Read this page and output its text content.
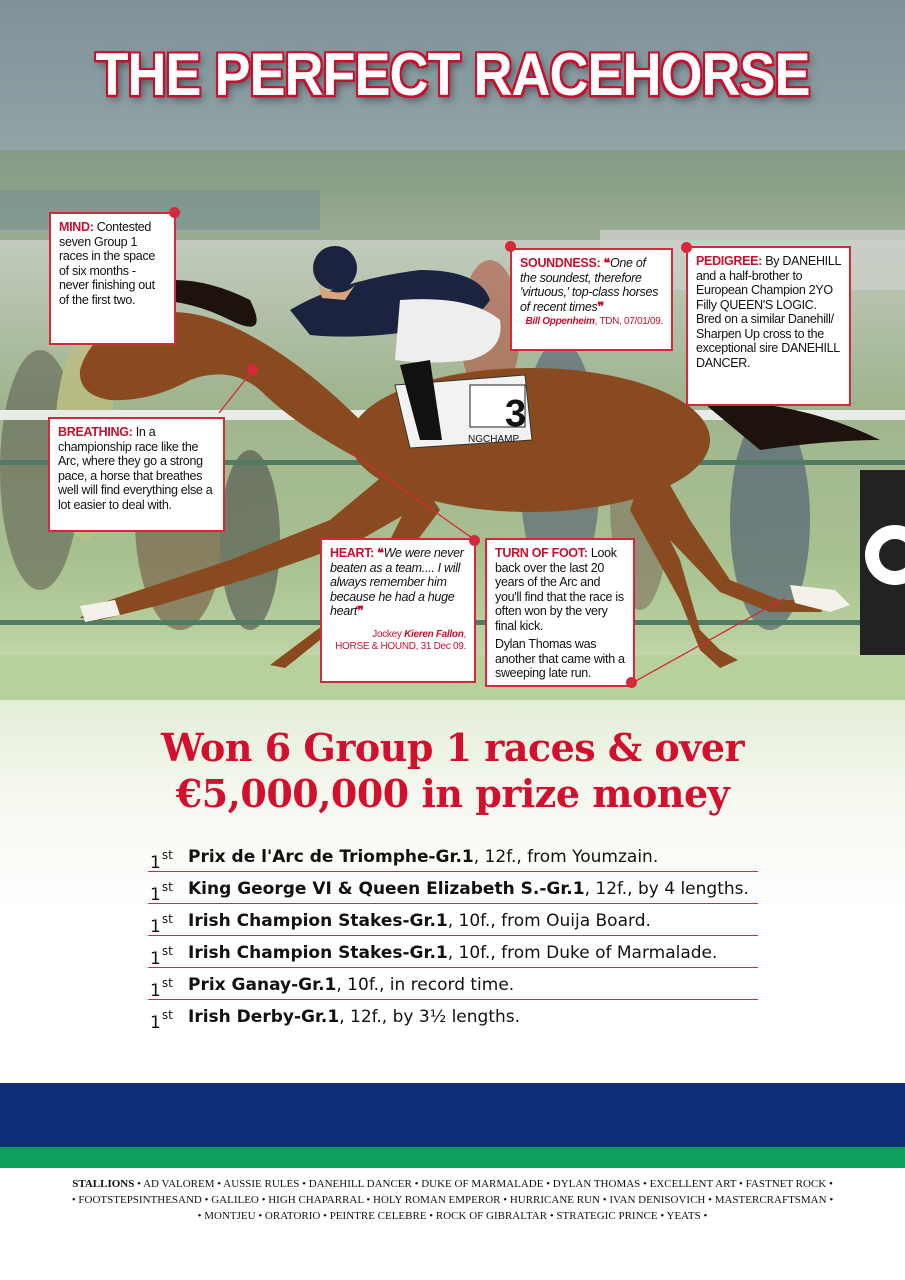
3
NGCHAMP
THE PERFECT RACEHORSE
MIND: Contested seven Group 1 races in the space of six months - never finishing out of the first two.
SOUNDNESS: ❝One of the soundest, therefore 'virtuous,' top-class horses of recent times❞
Bill Oppenheim, TDN, 07/01/09.
PEDIGREE: By DANEHILL and a half-brother to European Champion 2YO Filly QUEEN'S LOGIC.
Bred on a similar Danehill/ Sharpen Up cross to the exceptional sire DANEHILL DANCER.
BREATHING: In a championship race like the Arc, where they go a strong pace, a horse that breathes well will find everything else a lot easier to deal with.
HEART: ❝We were never beaten as a team.... I will always remember him because he had a huge heart❞
Jockey Kieren Fallon,
HORSE & HOUND, 31 Dec 09.
TURN OF FOOT: Look back over the last 20 years of the Arc and you'll find that the race is often won by the very final kick.
Dylan Thomas was another that came with a sweeping late run.
Won 6 Group 1 races & over
€5,000,000 in prize money
1st Prix de l'Arc de Triomphe-Gr.1, 12f., from Youmzain.
1st King George VI & Queen Elizabeth S.-Gr.1, 12f., by 4 lengths.
1st Irish Champion Stakes-Gr.1, 10f., from Ouija Board.
1st Irish Champion Stakes-Gr.1, 10f., from Duke of Marmalade.
1st Prix Ganay-Gr.1, 10f., in record time.
1st Irish Derby-Gr.1, 12f., by 3½ lengths.
STALLIONS • AD VALOREM • AUSSIE RULES • DANEHILL DANCER • DUKE OF MARMALADE • DYLAN THOMAS • EXCELLENT ART • FASTNET ROCK •
• FOOTSTEPSINTHESAND • GALILEO • HIGH CHAPARRAL • HOLY ROMAN EMPEROR • HURRICANE RUN • IVAN DENISOVICH • MASTERCRAFTSMAN •
• MONTJEU • ORATORIO • PEINTRE CELEBRE • ROCK OF GIBRALTAR • STRATEGIC PRINCE • YEATS •
